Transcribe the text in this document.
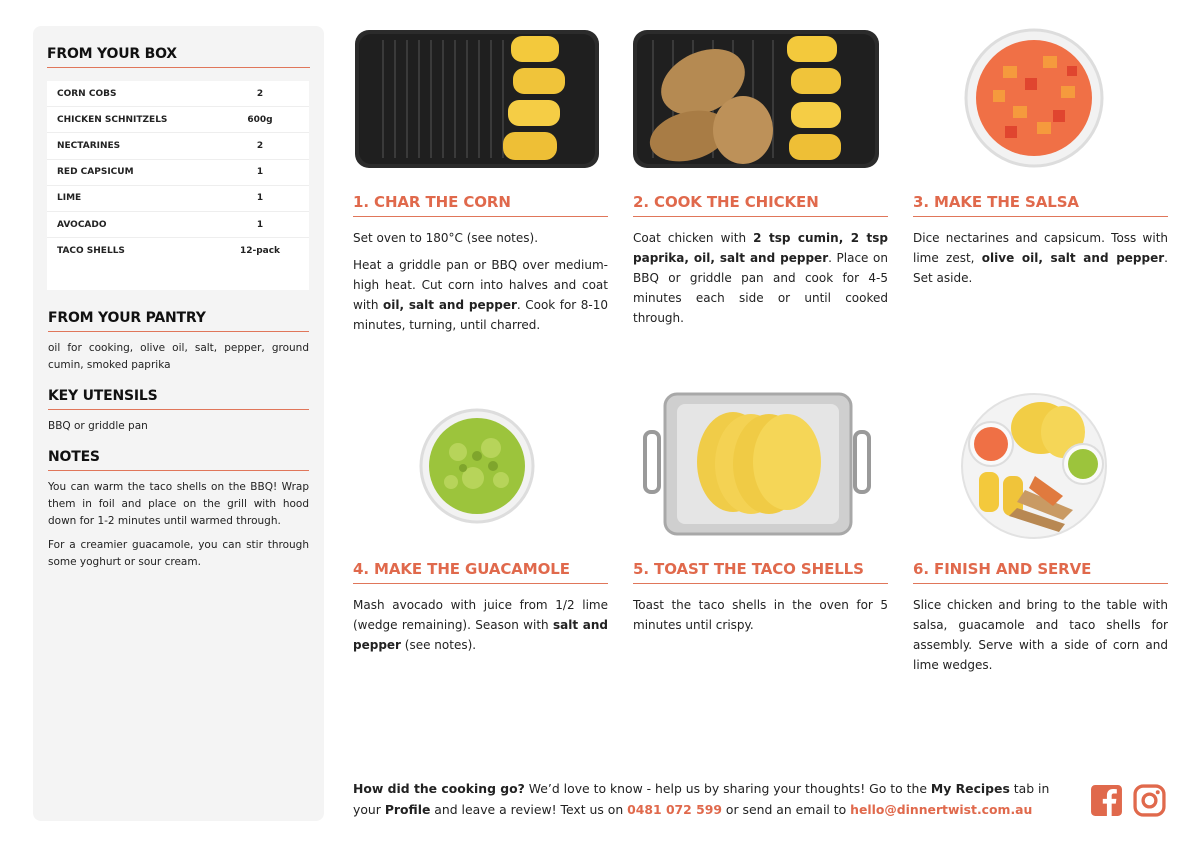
FROM YOUR BOX
CORN COBS	2
CHICKEN SCHNITZELS	600g
NECTARINES	2
RED CAPSICUM	1
LIME	1
AVOCADO	1
TACO SHELLS	12-pack
FROM YOUR PANTRY

oil for cooking, olive oil, salt, pepper, ground cumin, smoked paprika

KEY UTENSILS

BBQ or griddle pan

NOTES

You can warm the taco shells on the BBQ! Wrap them in foil and place on the grill with hood down for 1-2 minutes until warmed through.

For a creamier guacamole, you can stir through some yoghurt or sour cream.

1. CHAR THE CORN

Set oven to 180°C (see notes).

Heat a griddle pan or BBQ over medium-high heat. Cut corn into halves and coat with oil, salt and pepper. Cook for 8-10 minutes, turning, until charred.

2. COOK THE CHICKEN

Coat chicken with 2 tsp cumin, 2 tsp paprika, oil, salt and pepper. Place on BBQ or griddle pan and cook for 4-5 minutes each side or until cooked through.

3. MAKE THE SALSA

Dice nectarines and capsicum. Toss with lime zest, olive oil, salt and pepper. Set aside.

4. MAKE THE GUACAMOLE

Mash avocado with juice from 1/2 lime (wedge remaining). Season with salt and pepper (see notes).

5. TOAST THE TACO SHELLS

Toast the taco shells in the oven for 5 minutes until crispy.

6. FINISH AND SERVE

Slice chicken and bring to the table with salsa, guacamole and taco shells for assembly. Serve with a side of corn and lime wedges.

How did the cooking go? We’d love to know - help us by sharing your thoughts! Go to the My Recipes tab in your Profile and leave a review! Text us on 0481 072 599 or send an email to hello@dinnertwist.com.au
